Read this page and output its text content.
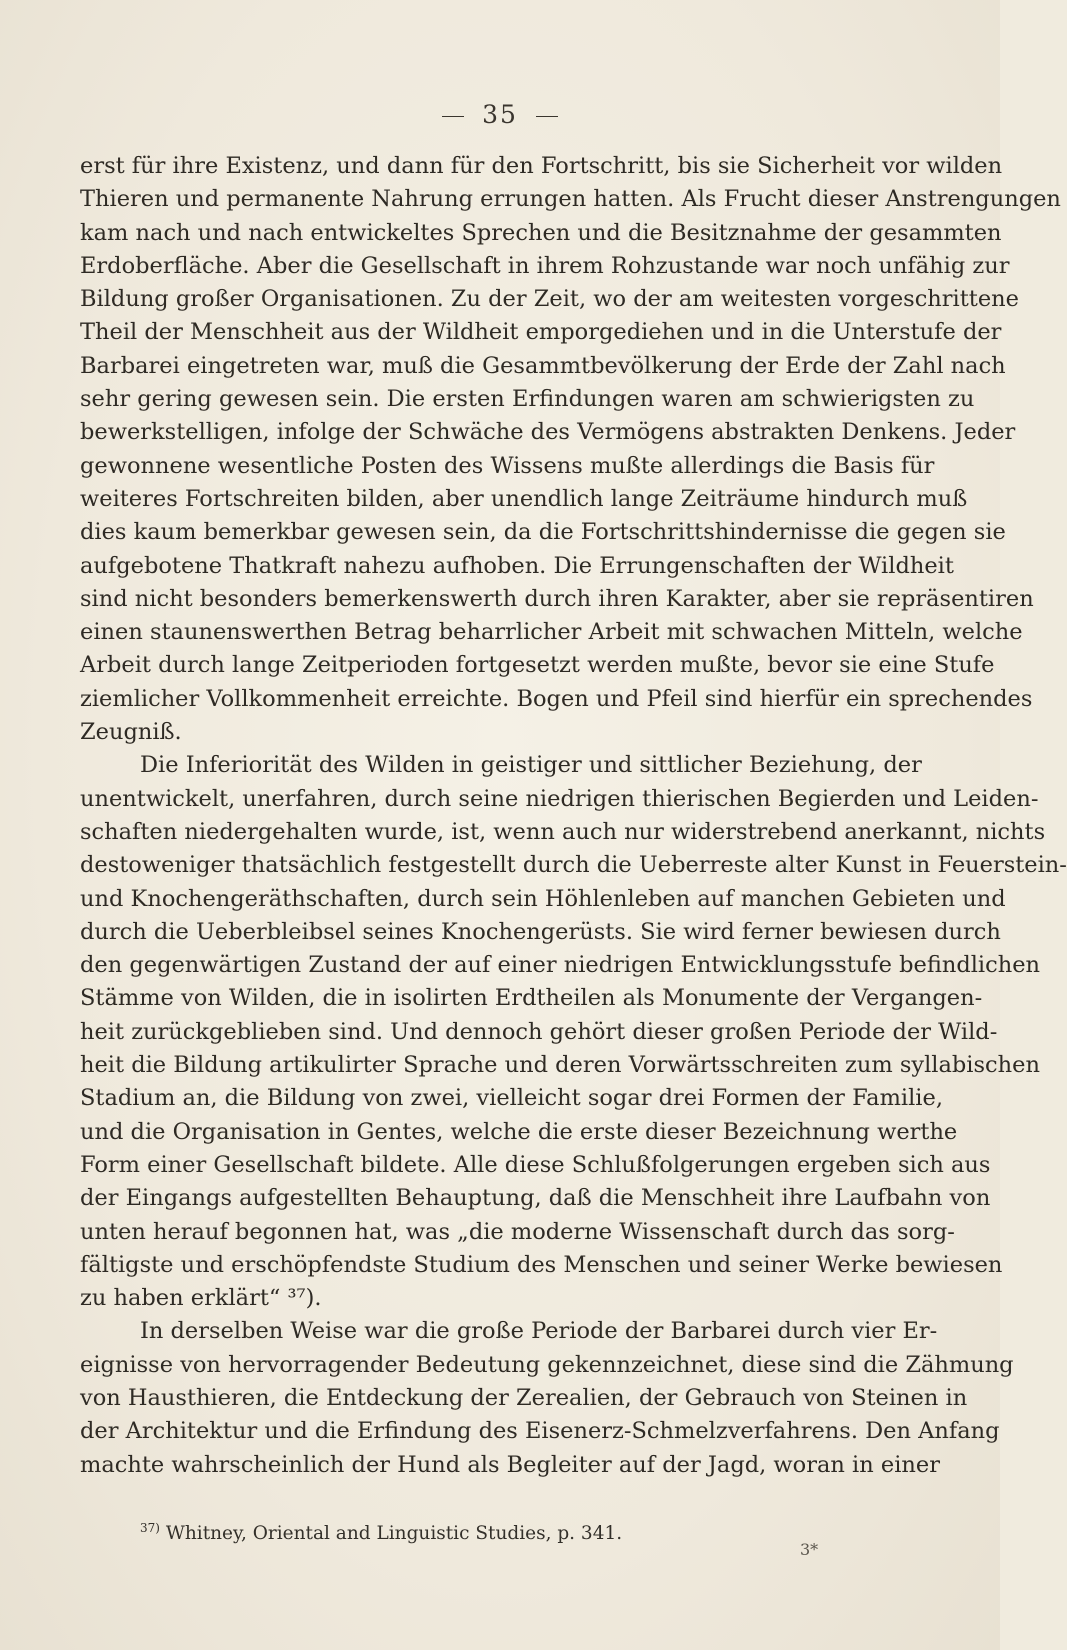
35
erst für ihre Existenz, und dann für den Fortschritt, bis sie Sicherheit vor wilden
Thieren und permanente Nahrung errungen hatten. Als Frucht dieser Anstrengungen
kam nach und nach entwickeltes Sprechen und die Besitznahme der gesammten
Erdoberfläche. Aber die Gesellschaft in ihrem Rohzustande war noch unfähig zur
Bildung großer Organisationen. Zu der Zeit, wo der am weitesten vorgeschrittene
Theil der Menschheit aus der Wildheit emporgediehen und in die Unterstufe der
Barbarei eingetreten war, muß die Gesammtbevölkerung der Erde der Zahl nach
sehr gering gewesen sein. Die ersten Erfindungen waren am schwierigsten zu
bewerkstelligen, infolge der Schwäche des Vermögens abstrakten Denkens. Jeder
gewonnene wesentliche Posten des Wissens mußte allerdings die Basis für
weiteres Fortschreiten bilden, aber unendlich lange Zeiträume hindurch muß
dies kaum bemerkbar gewesen sein, da die Fortschrittshindernisse die gegen sie
aufgebotene Thatkraft nahezu aufhoben. Die Errungenschaften der Wildheit
sind nicht besonders bemerkenswerth durch ihren Karakter, aber sie repräsentiren
einen staunenswerthen Betrag beharrlicher Arbeit mit schwachen Mitteln, welche
Arbeit durch lange Zeitperioden fortgesetzt werden mußte, bevor sie eine Stufe
ziemlicher Vollkommenheit erreichte. Bogen und Pfeil sind hierfür ein sprechendes
Zeugniß.
Die Inferiorität des Wilden in geistiger und sittlicher Beziehung, der
unentwickelt, unerfahren, durch seine niedrigen thierischen Begierden und Leiden-
schaften niedergehalten wurde, ist, wenn auch nur widerstrebend anerkannt, nichts
destoweniger thatsächlich festgestellt durch die Ueberreste alter Kunst in Feuerstein-
und Knochengeräthschaften, durch sein Höhlenleben auf manchen Gebieten und
durch die Ueberbleibsel seines Knochengerüsts. Sie wird ferner bewiesen durch
den gegenwärtigen Zustand der auf einer niedrigen Entwicklungsstufe befindlichen
Stämme von Wilden, die in isolirten Erdtheilen als Monumente der Vergangen-
heit zurückgeblieben sind. Und dennoch gehört dieser großen Periode der Wild-
heit die Bildung artikulirter Sprache und deren Vorwärtsschreiten zum syllabischen
Stadium an, die Bildung von zwei, vielleicht sogar drei Formen der Familie,
und die Organisation in Gentes, welche die erste dieser Bezeichnung werthe
Form einer Gesellschaft bildete. Alle diese Schlußfolgerungen ergeben sich aus
der Eingangs aufgestellten Behauptung, daß die Menschheit ihre Laufbahn von
unten herauf begonnen hat, was „die moderne Wissenschaft durch das sorg-
fältigste und erschöpfendste Studium des Menschen und seiner Werke bewiesen
zu haben erklärt“ ³⁷).
In derselben Weise war die große Periode der Barbarei durch vier Er-
eignisse von hervorragender Bedeutung gekennzeichnet, diese sind die Zähmung
von Hausthieren, die Entdeckung der Zerealien, der Gebrauch von Steinen in
der Architektur und die Erfindung des Eisenerz-Schmelzverfahrens. Den Anfang
machte wahrscheinlich der Hund als Begleiter auf der Jagd, woran in einer
$^{37)}$ Whitney, Oriental and Linguistic Studies, p. 341.
3*
